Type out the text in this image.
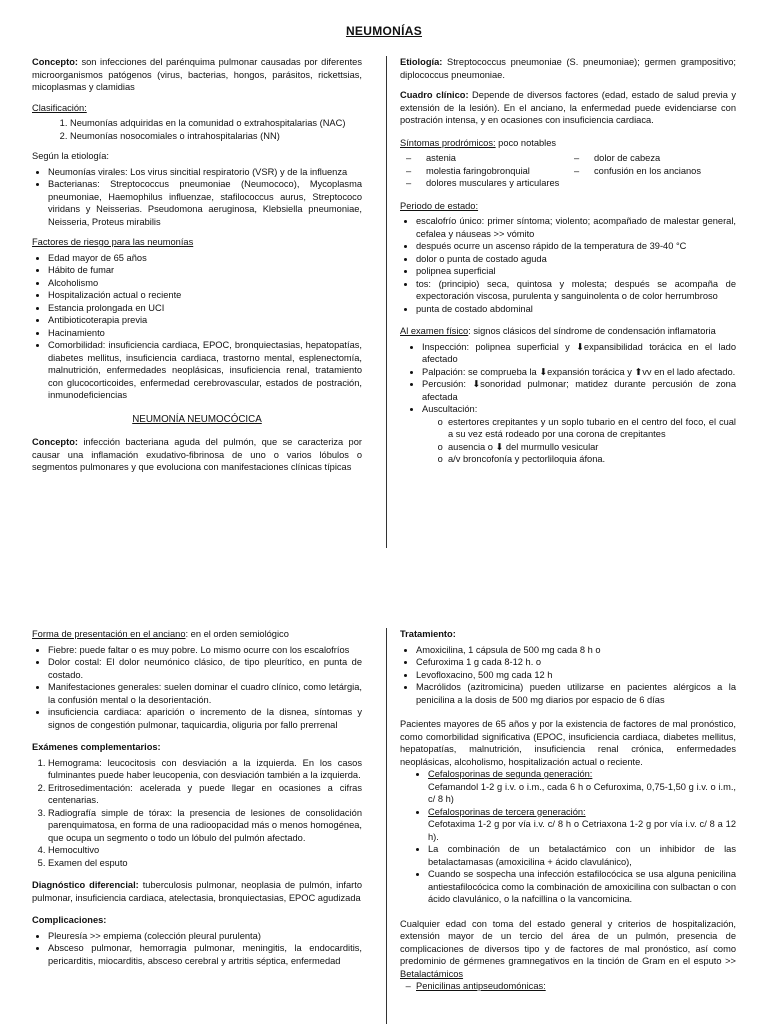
NEUMONÍAS

Concepto: son infecciones del parénquima pulmonar causadas por diferentes microorganismos patógenos (virus, bacterias, hongos, parásitos, rickettsias, micoplasmas y clamidias

Clasificación:
1. Neumonías adquiridas en la comunidad o extrahospitalarias (NAC)
2. Neumonías nosocomiales o intrahospitalarias (NN)
Según la etiología:
• Neumonías virales: Los virus sincitial respiratorio (VSR) y de la influenza
• Bacterianas: Streptococcus pneumoniae (Neumococo), Mycoplasma pneumoniae, Haemophilus influenzae, stafilococcus aurus, Streptococo viridans y Neisserias. Pseudomona aeruginosa, Klebsiella pneumoniae, Neisseria, Proteus mirabilis
Factores de riesgo para las neumonías
• Edad mayor de 65 años
• Hábito de fumar
• Alcoholismo
• Hospitalización actual o reciente
• Estancia prolongada en UCI
• Antibioticoterapia previa
• Hacinamiento
• Comorbilidad: insuficiencia cardiaca, EPOC, bronquiectasias, hepatopatías, diabetes mellitus, insuficiencia cardiaca, trastorno mental, esplenectomía, malnutrición, enfermedades neoplásicas, insuficiencia renal, tratamiento con glucocorticoides, enfermedad cerebrovascular, estados de postración, inmunodeficiencias
NEUMONÍA NEUMOCÓCICA

Concepto: infección bacteriana aguda del pulmón, que se caracteriza por causar una inflamación exudativo-fibrinosa de uno o varios lóbulos o segmentos pulmonares y que evoluciona con manifestaciones clínicas típicas

Etiología: Streptococcus pneumoniae (S. pneumoniae); germen grampositivo; diplococcus pneumoniae.

Cuadro clínico: Depende de diversos factores (edad, estado de salud previa y extensión de la lesión). En el anciano, la enfermedad puede evidenciarse con postración intensa, y en ocasiones con insuficiencia cardiaca.

Síntomas prodrómicos: poco notables
– astenia
– molestia faringobronquial
– dolores musculares y articulares
– dolor de cabeza
– confusión en los ancianos
Periodo de estado:
• escalofrío único: primer síntoma; violento; acompañado de malestar general, cefalea y náuseas >> vómito
• después ocurre un ascenso rápido de la temperatura de 39-40 °C
• dolor o punta de costado aguda
• polipnea superficial
• tos: (principio) seca, quintosa y molesta; después se acompaña de expectoración viscosa, purulenta y sanguinolenta o de color herrumbroso
• punta de costado abdominal
Al examen físico: signos clásicos del síndrome de condensación inflamatoria
• Inspección: polipnea superficial y ⬇expansibilidad torácica en el lado afectado
• Palpación: se comprueba la ⬇expansión torácica y ⬆vv en el lado afectado.
• Percusión: ⬇sonoridad pulmonar; matidez durante percusión de zona afectada
• Auscultación:
o estertores crepitantes y un soplo tubario en el centro del foco, el cual a su vez está rodeado por una corona de crepitantes
o ausencia o ⬇ del murmullo vesicular
o a/v broncofonía y pectorliloquia áfona.
Forma de presentación en el anciano: en el orden semiológico
• Fiebre: puede faltar o es muy pobre. Lo mismo ocurre con los escalofríos
• Dolor costal: El dolor neumónico clásico, de tipo pleurítico, en punta de costado.
• Manifestaciones generales: suelen dominar el cuadro clínico, como letárgia, la confusión mental o la desorientación.
• insuficiencia cardiaca: aparición o incremento de la disnea, síntomas y signos de congestión pulmonar, taquicardia, oliguria por fallo prerrenal
Exámenes complementarios:
1. Hemograma: leucocitosis con desviación a la izquierda. En los casos fulminantes puede haber leucopenia, con desviación también a la izquierda.
2. Eritrosedimentación: acelerada y puede llegar en ocasiones a cifras centenarias.
3. Radiografía simple de tórax: la presencia de lesiones de consolidación parenquimatosa, en forma de una radioopacidad más o menos homogénea, que ocupa un segmento o todo un lóbulo del pulmón afectado.
4. Hemocultivo
5. Examen del esputo

Diagnóstico diferencial: tuberculosis pulmonar, neoplasia de pulmón, infarto pulmonar, insuficiencia cardiaca, atelectasia, bronquiectasias, EPOC agudizada

Complicaciones:
• Pleuresía >> empiema (colección pleural purulenta)
• Absceso pulmonar, hemorragia pulmonar, meningitis, la endocarditis, pericarditis, miocarditis, absceso cerebral y artritis séptica, enfermedad
Tratamiento:
• Amoxicilina, 1 cápsula de 500 mg cada 8 h o
• Cefuroxima 1 g cada 8-12 h. o
• Levofloxacino, 500 mg cada 12 h
• Macrólidos (azitromicina) pueden utilizarse en pacientes alérgicos a la penicilina a la dosis de 500 mg diarios por espacio de 6 días

Pacientes mayores de 65 años y por la existencia de factores de mal pronóstico, como comorbilidad significativa (EPOC, insuficiencia cardiaca, diabetes mellitus, hepatopatías, malnutrición, insuficiencia renal crónica, enfermedades neoplásicas, alcoholismo, hospitalización actual o reciente.

• Cefalosporinas de segunda generación:
Cefamandol 1-2 g i.v. o i.m., cada 6 h o Cefuroxima, 0,75-1,50 g i.v. o i.m., c/ 8 h)
• Cefalosporinas de tercera generación:
Cefotaxima 1-2 g por vía i.v. c/ 8 h o Cetriaxona 1-2 g por vía i.v. c/ 8 a 12 h).
• La combinación de un betalactámico con un inhibidor de las betalactamasas (amoxicilina + ácido clavulánico),
• Cuando se sospecha una infección estafilocócica se usa alguna penicilina antiestafilocócica como la combinación de amoxicilina con sulbactan o con ácido clavulánico, o la nafcillina o la vancomicina.

Cualquier edad con toma del estado general y criterios de hospitalización, extensión mayor de un tercio del área de un pulmón, presencia de complicaciones de diversos tipo y de factores de mal pronóstico, así como predominio de gérmenes gramnegativos en la tinción de Gram en el esputo >> Betalactámicos

– Penicilinas antipseudomónicas:
